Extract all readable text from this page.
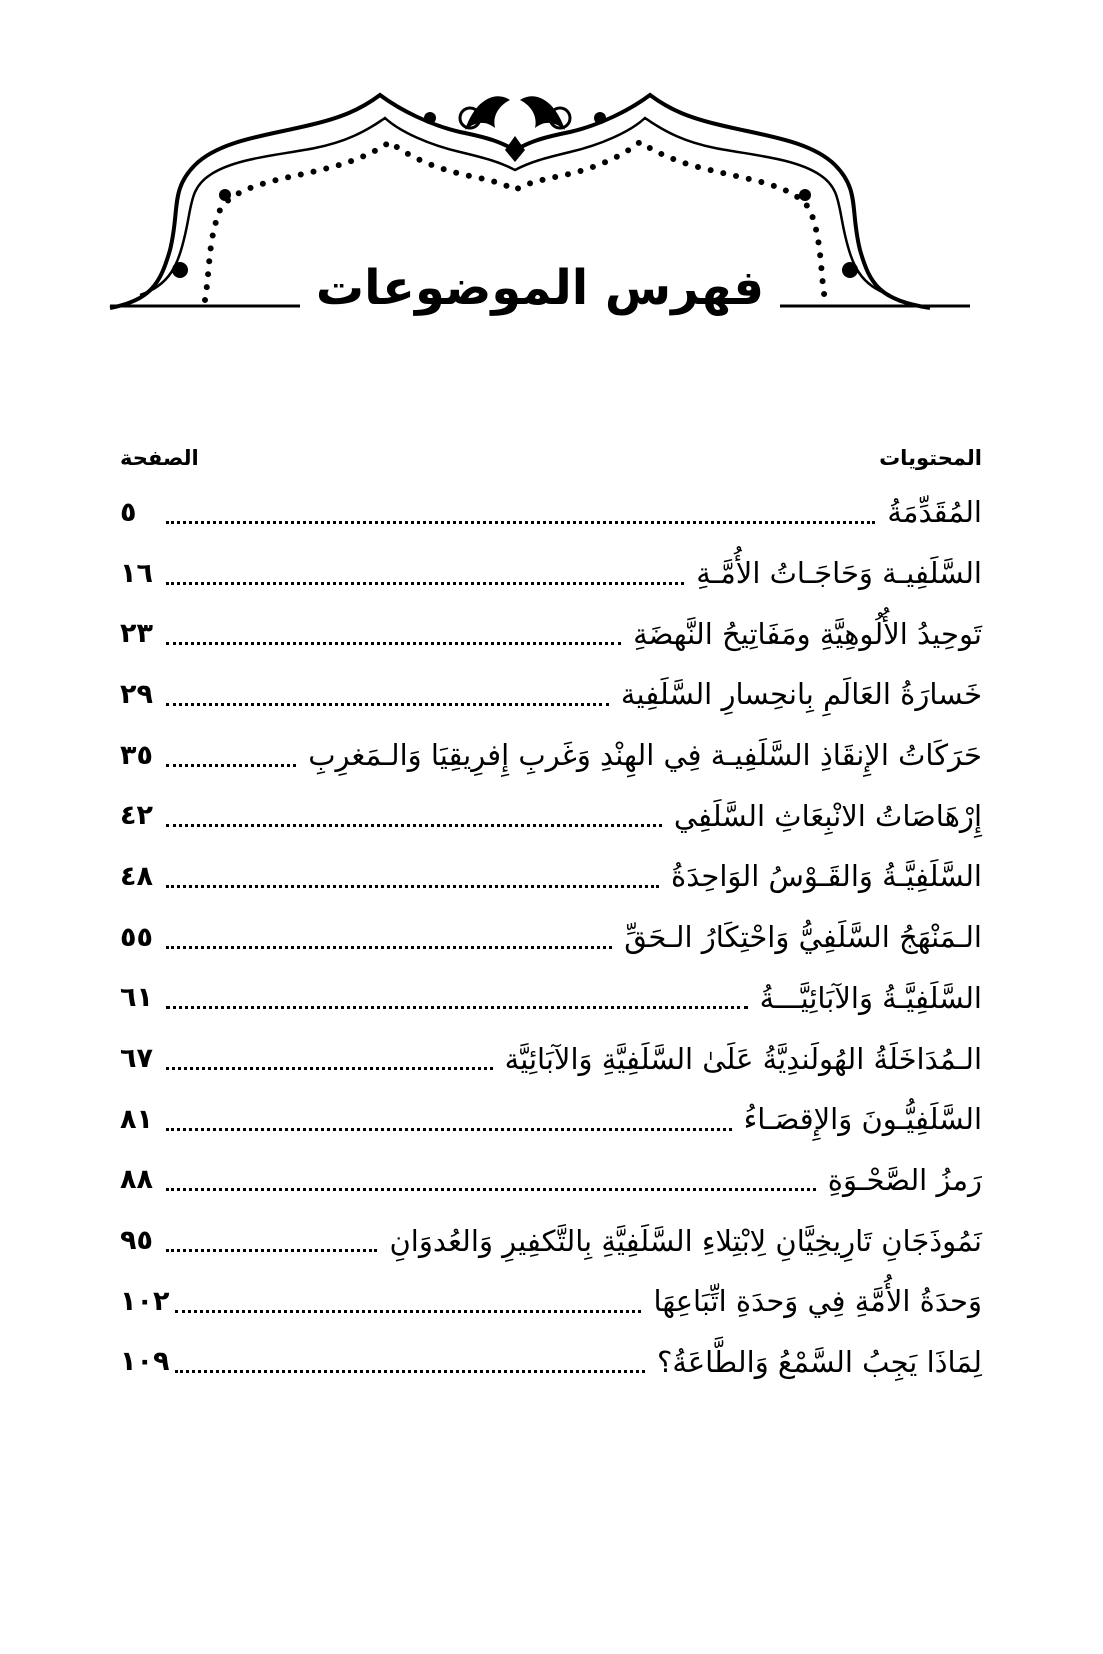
فهرس الموضوعات
المحتويات
الصفحة
المُقَدِّمَةُ
٥
السَّلَفِيـة وَحَاجَـاتُ الأُمَّـةِ
١٦
تَوحِيدُ الأُلُوهِيَّةِ ومَفَاتِيحُ النَّهضَةِ
٢٣
خَسارَةُ العَالَمِ بِانحِسارِ السَّلَفِية
٢٩
حَرَكَاتُ الإِنقَاذِ السَّلَفِيـة فِي الهِنْدِ وَغَربِ إِفرِيقِيَا وَالـمَغرِبِ
٣٥
إِرْهَاصَاتُ الانْبِعَاثِ السَّلَفِي
٤٢
السَّلَفِيَّـةُ وَالقَـوْسُ الوَاحِدَةُ
٤٨
الـمَنْهَجُ السَّلَفِيُّ وَاحْتِكَارُ الـحَقِّ
٥٥
السَّلَفِيَّـةُ وَالآبَائِيَّـــةُ
٦١
الـمُدَاخَلَةُ الهُولَندِيَّةُ عَلَىٰ السَّلَفِيَّةِ وَالآبَائِيَّة
٦٧
السَّلَفِيُّـونَ وَالإِقصَـاءُ
٨١
رَمزُ الصَّحْـوَةِ
٨٨
نَمُوذَجَانِ تَارِيخِيَّانِ لِابْتِلاءِ السَّلَفِيَّةِ بِالتَّكفِيرِ وَالعُدوَانِ
٩٥
وَحدَةُ الأُمَّةِ فِي وَحدَةِ اتِّبَاعِهَا
١٠٢
لِمَاذَا يَجِبُ السَّمْعُ وَالطَّاعَةُ؟
١٠٩
